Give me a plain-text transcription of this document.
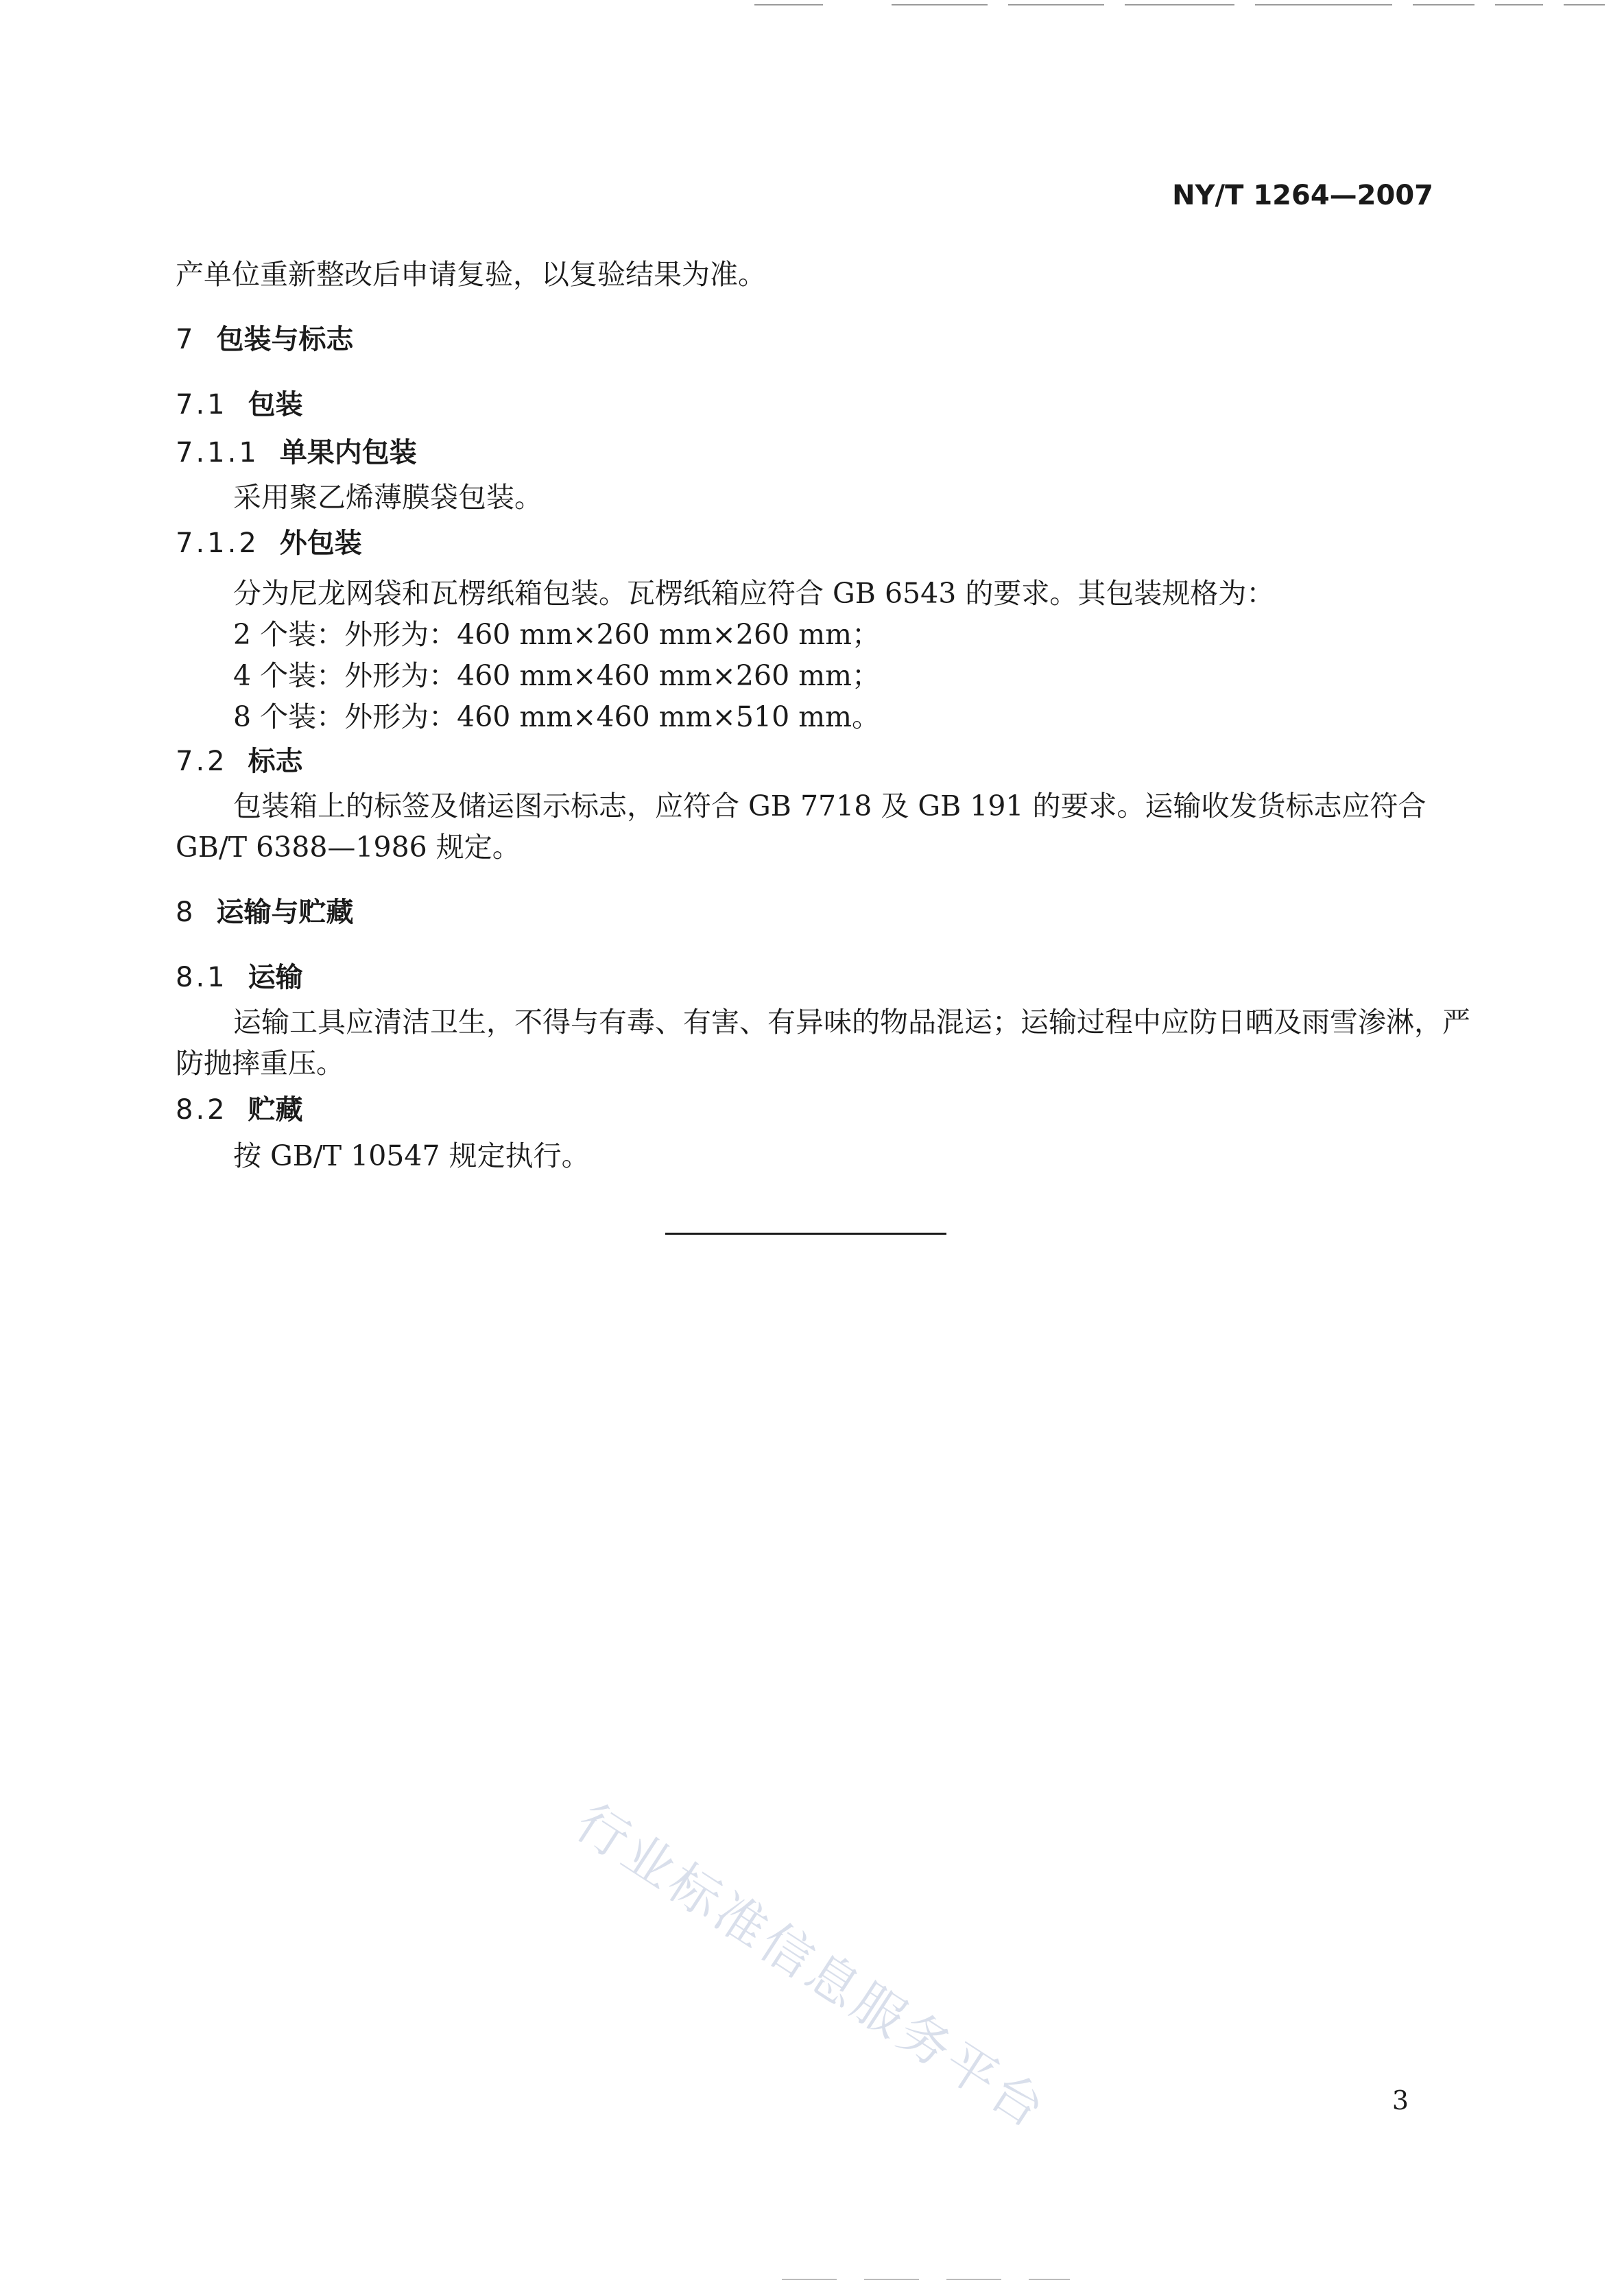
NY/T 1264—2007
产单位重新整改后申请复验，以复验结果为准。
7 包装与标志
7.1 包装
7.1.1 单果内包装
采用聚乙烯薄膜袋包装。
7.1.2 外包装
分为尼龙网袋和瓦楞纸箱包装。瓦楞纸箱应符合 GB 6543 的要求。其包装规格为：
2 个装：外形为：460 mm×260 mm×260 mm；
4 个装：外形为：460 mm×460 mm×260 mm；
8 个装：外形为：460 mm×460 mm×510 mm。
7.2 标志
包装箱上的标签及储运图示标志，应符合 GB 7718 及 GB 191 的要求。运输收发货标志应符合
GB/T 6388—1986 规定。
8 运输与贮藏
8.1 运输
运输工具应清洁卫生，不得与有毒、有害、有异味的物品混运；运输过程中应防日晒及雨雪渗淋，严
防抛摔重压。
8.2 贮藏
按 GB/T 10547 规定执行。
行业标准信息服务平台	3
